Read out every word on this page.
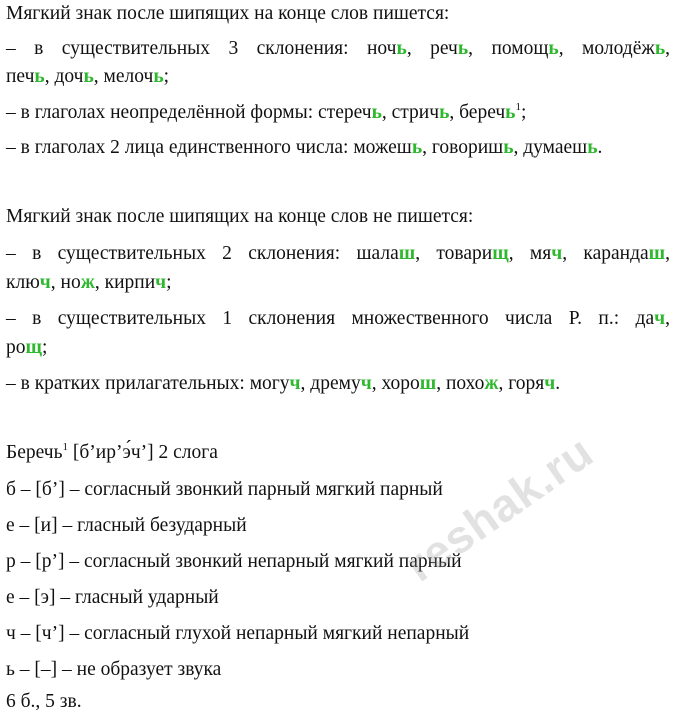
Мягкий знак после шипящих на конце слов пишется:
– в существительных 3 склонения: ночь, речь, помощь, молодёжь,
печь, дочь, мелочь;
– в глаголах неопределённой формы: стеречь, стричь, беречь$^1$;
– в глаголах 2 лица единственного числа: можешь, говоришь, думаешь.
Мягкий знак после шипящих на конце слов не пишется:
– в существительных 2 склонения: шалаш, товарищ, мяч, карандаш,
ключ, нож, кирпич;
– в существительных 1 склонения множественного числа Р. п.: дач,
рощ;
– в кратких прилагательных: могуч, дремуч, хорош, похож, горяч.
Беречь$^1$ [б’ир’э́ч’] 2 слога
б – [б’] – согласный звонкий парный мягкий парный
е – [и] – гласный безударный
р – [р’] – согласный звонкий непарный мягкий парный
е – [э] – гласный ударный
ч – [ч’] – согласный глухой непарный мягкий непарный
ь – [–] – не образует звука
6 б., 5 зв.
reshak.ru
